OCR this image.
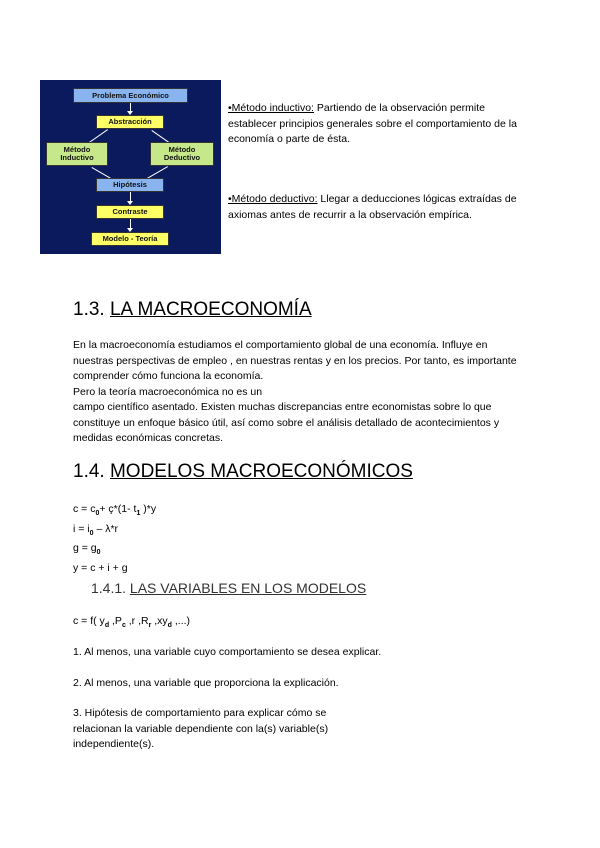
Problema Económico
Abstracción
Método Inductivo
Método Deductivo
Hipótesis
Contraste
Modelo - Teoría
•Método inductivo: Partiendo de la observación permite establecer principios generales sobre el comportamiento de la economía o parte de ésta.
•Método deductivo: Llegar a deducciones lógicas extraídas de axiomas antes de recurrir a la observación empírica.
1.3. LA MACROECONOMÍA
En la macroeconomía estudiamos el comportamiento global de una economía. Influye en nuestras perspectivas de empleo , en nuestras rentas y en los precios. Por tanto, es importante comprender cómo funciona la economía.
Pero la teoría macroeconómica no es un
campo científico asentado. Existen muchas discrepancias entre economistas sobre lo que constituye un enfoque básico útil, así como sobre el análisis detallado de acontecimientos y medidas económicas concretas.
1.4. MODELOS MACROECONÓMICOS
$c = c_0+$ ç*(1- $t_1$ )*y
$i = i_0 - \lambda*r$
$g = g_0$
y = c + i + g
1.4.1. LAS VARIABLES EN LOS MODELOS
c = f( $y_d$ $,P_c$ ,r $,R_r$ $,xy_d$ ,...)
1. Al menos, una variable cuyo comportamiento se desea explicar.
2. Al menos, una variable que proporciona la explicación.
3. Hipótesis de comportamiento para explicar cómo se
relacionan la variable dependiente con la(s) variable(s)
independiente(s).
